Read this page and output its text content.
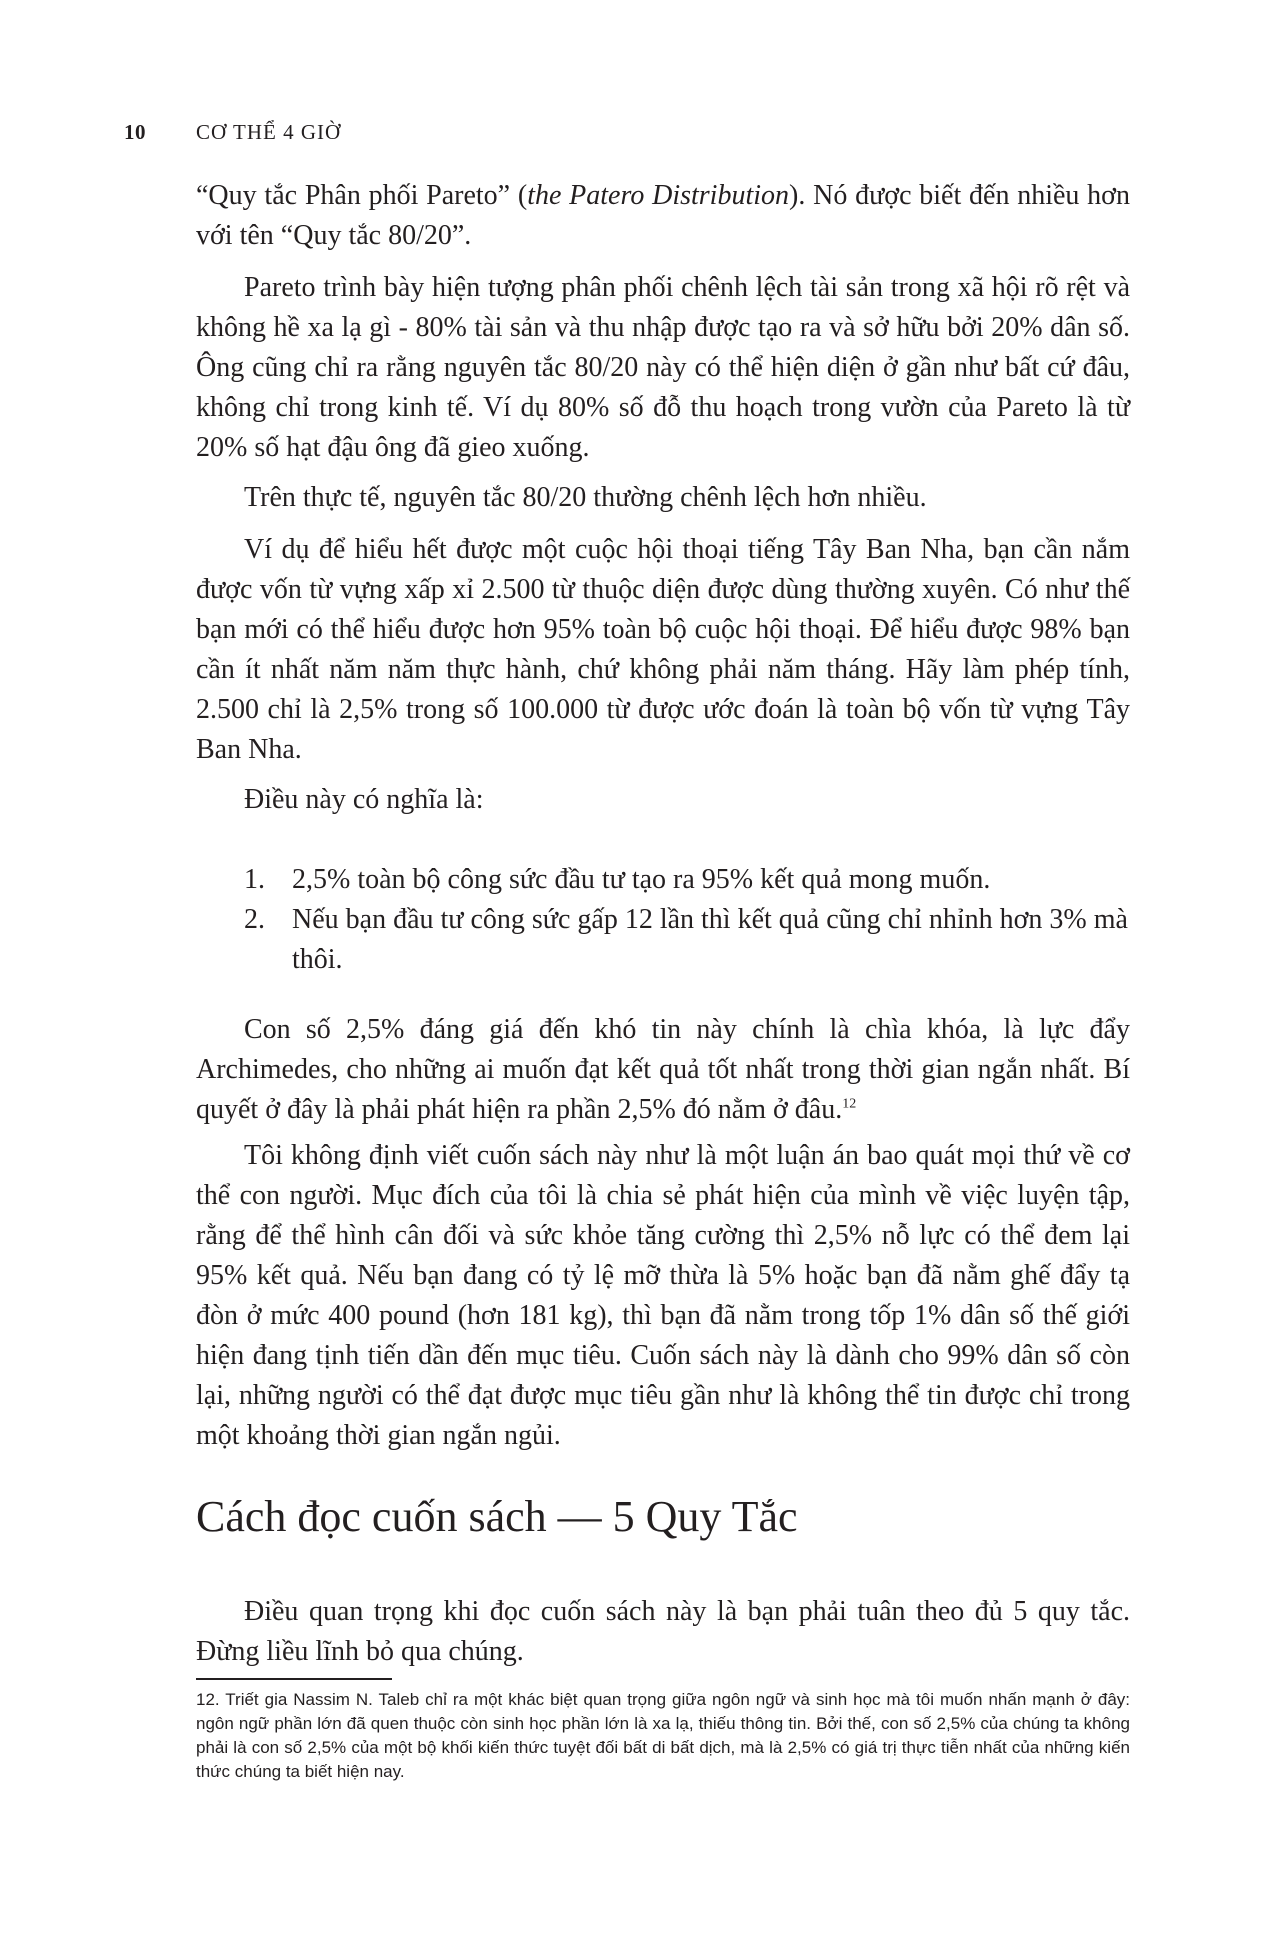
10 CƠ THỂ 4 GIỜ

“Quy tắc Phân phối Pareto” (the Patero Distribution). Nó được biết đến nhiều hơn với tên “Quy tắc 80/20”.

Pareto trình bày hiện tượng phân phối chênh lệch tài sản trong xã hội rõ rệt và không hề xa lạ gì - 80% tài sản và thu nhập được tạo ra và sở hữu bởi 20% dân số. Ông cũng chỉ ra rằng nguyên tắc 80/20 này có thể hiện diện ở gần như bất cứ đâu, không chỉ trong kinh tế. Ví dụ 80% số đỗ thu hoạch trong vườn của Pareto là từ 20% số hạt đậu ông đã gieo xuống.

Trên thực tế, nguyên tắc 80/20 thường chênh lệch hơn nhiều.

Ví dụ để hiểu hết được một cuộc hội thoại tiếng Tây Ban Nha, bạn cần nắm được vốn từ vựng xấp xỉ 2.500 từ thuộc diện được dùng thường xuyên. Có như thế bạn mới có thể hiểu được hơn 95% toàn bộ cuộc hội thoại. Để hiểu được 98% bạn cần ít nhất năm năm thực hành, chứ không phải năm tháng. Hãy làm phép tính, 2.500 chỉ là 2,5% trong số 100.000 từ được ước đoán là toàn bộ vốn từ vựng Tây Ban Nha.

Điều này có nghĩa là:

1. 2,5% toàn bộ công sức đầu tư tạo ra 95% kết quả mong muốn.
2. Nếu bạn đầu tư công sức gấp 12 lần thì kết quả cũng chỉ nhỉnh hơn 3% mà thôi.

Con số 2,5% đáng giá đến khó tin này chính là chìa khóa, là lực đẩy Archimedes, cho những ai muốn đạt kết quả tốt nhất trong thời gian ngắn nhất. Bí quyết ở đây là phải phát hiện ra phần 2,5% đó nằm ở đâu.$^{12}$

Tôi không định viết cuốn sách này như là một luận án bao quát mọi thứ về cơ thể con người. Mục đích của tôi là chia sẻ phát hiện của mình về việc luyện tập, rằng để thể hình cân đối và sức khỏe tăng cường thì 2,5% nỗ lực có thể đem lại 95% kết quả. Nếu bạn đang có tỷ lệ mỡ thừa là 5% hoặc bạn đã nằm ghế đẩy tạ đòn ở mức 400 pound (hơn 181 kg), thì bạn đã nằm trong tốp 1% dân số thế giới hiện đang tịnh tiến dần đến mục tiêu. Cuốn sách này là dành cho 99% dân số còn lại, những người có thể đạt được mục tiêu gần như là không thể tin được chỉ trong một khoảng thời gian ngắn ngủi.

Cách đọc cuốn sách — 5 Quy Tắc

Điều quan trọng khi đọc cuốn sách này là bạn phải tuân theo đủ 5 quy tắc. Đừng liều lĩnh bỏ qua chúng.

12. Triết gia Nassim N. Taleb chỉ ra một khác biệt quan trọng giữa ngôn ngữ và sinh học mà tôi muốn nhấn mạnh ở đây: ngôn ngữ phần lớn đã quen thuộc còn sinh học phần lớn là xa lạ, thiếu thông tin. Bởi thế, con số 2,5% của chúng ta không phải là con số 2,5% của một bộ khối kiến thức tuyệt đối bất di bất dịch, mà là 2,5% có giá trị thực tiễn nhất của những kiến thức chúng ta biết hiện nay.
